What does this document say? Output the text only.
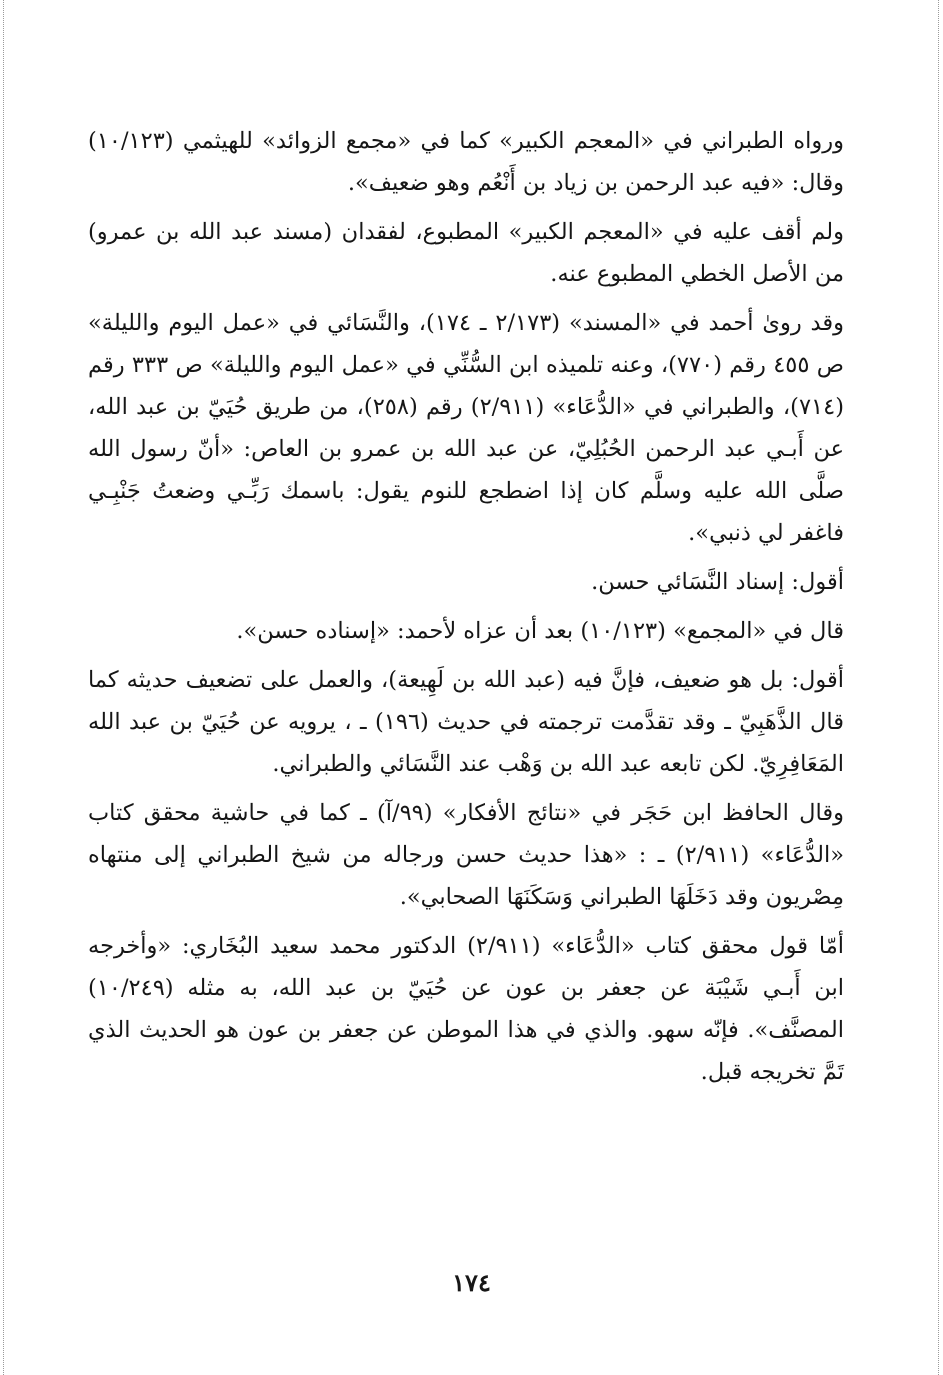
ورواه الطبراني في «المعجم الكبير» كما في «مجمع الزوائد» للهيثمي (١٠/١٢٣) وقال: «فيه عبد الرحمن بن زياد بن أَنْعُم وهو ضعيف».

ولم أقف عليه في «المعجم الكبير» المطبوع، لفقدان (مسند عبد الله بن عمرو) من الأصل الخطي المطبوع عنه.

وقد روىٰ أحمد في «المسند» (٢/١٧٣ ـ ١٧٤)، والنَّسَائي في «عمل اليوم والليلة» ص ٤٥٥ رقم (٧٧٠)، وعنه تلميذه ابن السُّنِّي في «عمل اليوم والليلة» ص ٣٣٣ رقم (٧١٤)، والطبراني في «الدُّعَاء» (٢/٩١١) رقم (٢٥٨)، من طريق حُيَيّ بن عبد الله، عن أَبـي عبد الرحمن الحُبُلِيّ، عن عبد الله بن عمرو بن العاص: «أنّ رسول الله صلَّى الله عليه وسلَّم كان إذا اضطجع للنوم يقول: باسمك رَبِّـي وضعتُ جَنْبِـي فاغفر لي ذنبي».

أقول: إسناد النَّسَائي حسن.

قال في «المجمع» (١٠/١٢٣) بعد أن عزاه لأحمد: «إسناده حسن».

أقول: بل هو ضعيف، فإنَّ فيه (عبد الله بن لَهِيعة)، والعمل على تضعيف حديثه كما قال الذَّهَبِيّ ـ وقد تقدَّمت ترجمته في حديث (١٩٦) ـ ، يرويه عن حُيَيّ بن عبد الله المَعَافِرِيّ. لكن تابعه عبد الله بن وَهْب عند النَّسَائي والطبراني.

وقال الحافظ ابن حَجَر في «نتائج الأفكار» (٩٩/آ) ـ كما في حاشية محقق كتاب «الدُّعَاء» (٢/٩١١) ـ : «هذا حديث حسن ورجاله من شيخ الطبراني إلى منتهاه مِصْريون وقد دَخَلَهَا الطبراني وَسَكَنَهَا الصحابي».

أمّا قول محقق كتاب «الدُّعَاء» (٢/٩١١) الدكتور محمد سعيد البُخَاري: «وأخرجه ابن أَبـي شَيْبَة عن جعفر بن عون عن حُيَيّ بن عبد الله، به مثله (١٠/٢٤٩) المصنَّف». فإنّه سهو. والذي في هذا الموطن عن جعفر بن عون هو الحديث الذي تَمَّ تخريجه قبل.

١٧٤
